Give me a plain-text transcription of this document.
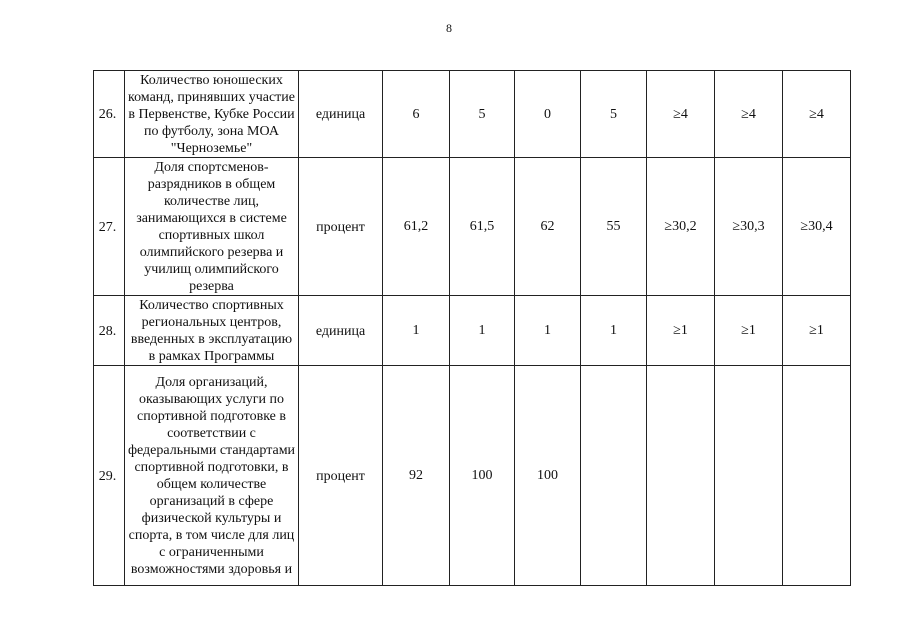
8
26.	Количество юношеских команд, принявших участие в Первенстве, Кубке России по футболу, зона МОА "Черноземье"	единица	6	5	0	5	≥4	≥4	≥4
27.	Доля спортсменов-разрядников в общем количестве лиц, занимающихся в системе спортивных школ олимпийского резерва и училищ олимпийского резерва	процент	61,2	61,5	62	55	≥30,2	≥30,3	≥30,4
28.	Количество спортивных региональных центров, введенных в эксплуатацию в рамках Программы	единица	1	1	1	1	≥1	≥1	≥1
29.	Доля организаций, оказывающих услуги по спортивной подготовке в соответствии с федеральными стандартами спортивной подготовки, в общем количестве организаций в сфере физической культуры и спорта, в том числе для лиц с ограниченными возможностями здоровья и	процент	92	100	100				
